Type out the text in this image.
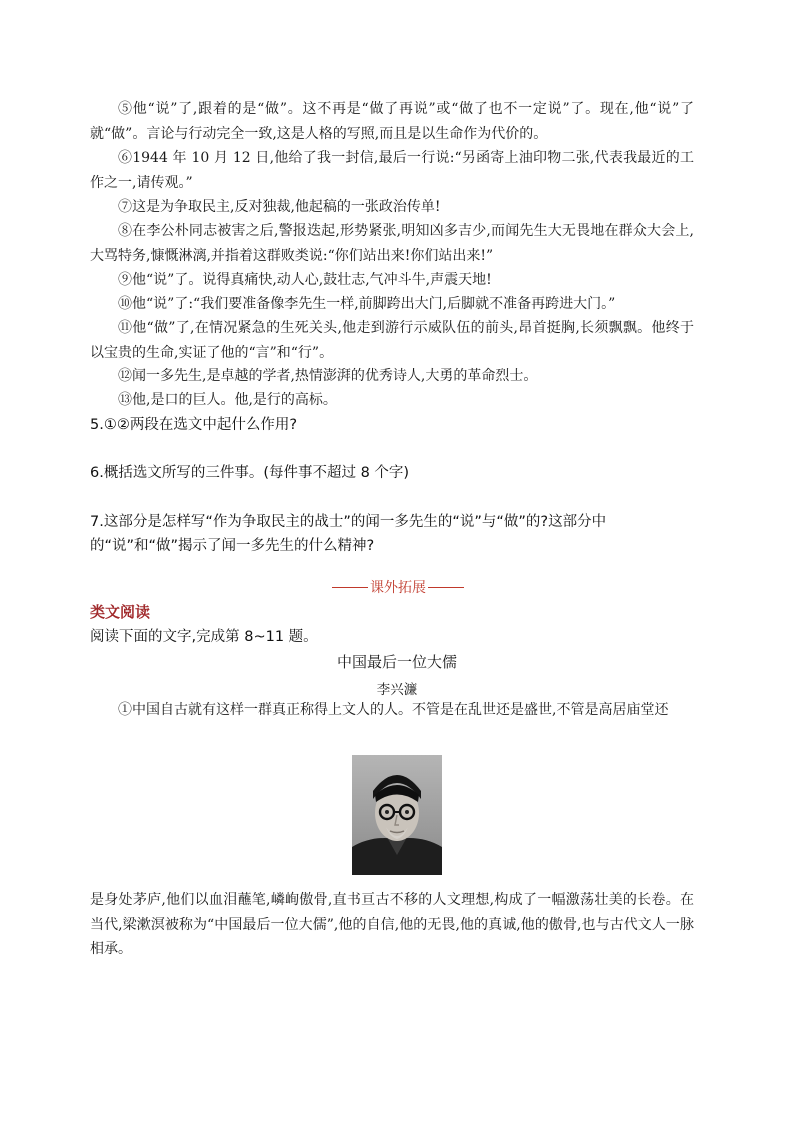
⑤他“说”了,跟着的是“做”。这不再是“做了再说”或“做了也不一定说”了。现在,他“说”了就“做”。言论与行动完全一致,这是人格的写照,而且是以生命作为代价的。

⑥1944 年 10 月 12 日,他给了我一封信,最后一行说:“另函寄上油印物二张,代表我最近的工作之一,请传观。”

⑦这是为争取民主,反对独裁,他起稿的一张政治传单!

⑧在李公朴同志被害之后,警报迭起,形势紧张,明知凶多吉少,而闻先生大无畏地在群众大会上,大骂特务,慷慨淋漓,并指着这群败类说:“你们站出来!你们站出来!”

⑨他“说”了。说得真痛快,动人心,鼓壮志,气冲斗牛,声震天地!

⑩他“说”了:“我们要准备像李先生一样,前脚跨出大门,后脚就不准备再跨进大门。”

⑪他“做”了,在情况紧急的生死关头,他走到游行示威队伍的前头,昂首挺胸,长须飘飘。他终于以宝贵的生命,实证了他的“言”和“行”。

⑫闻一多先生,是卓越的学者,热情澎湃的优秀诗人,大勇的革命烈士。

⑬他,是口的巨人。他,是行的高标。

5.①②两段在选文中起什么作用?

6.概括选文所写的三件事。(每件事不超过 8 个字)

7.这部分是怎样写“作为争取民主的战士”的闻一多先生的“说”与“做”的?这部分中的“说”和“做”揭示了闻一多先生的什么精神?

课外拓展

类文阅读

阅读下面的文字,完成第 8~11 题。

中国最后一位大儒

李兴濂

①中国自古就有这样一群真正称得上文人的人。不管是在乱世还是盛世,不管是高居庙堂还

是身处茅庐,他们以血泪蘸笔,嶙峋傲骨,直书亘古不移的人文理想,构成了一幅激荡壮美的长卷。在当代,梁漱溟被称为“中国最后一位大儒”,他的自信,他的无畏,他的真诚,他的傲骨,也与古代文人一脉相承。
